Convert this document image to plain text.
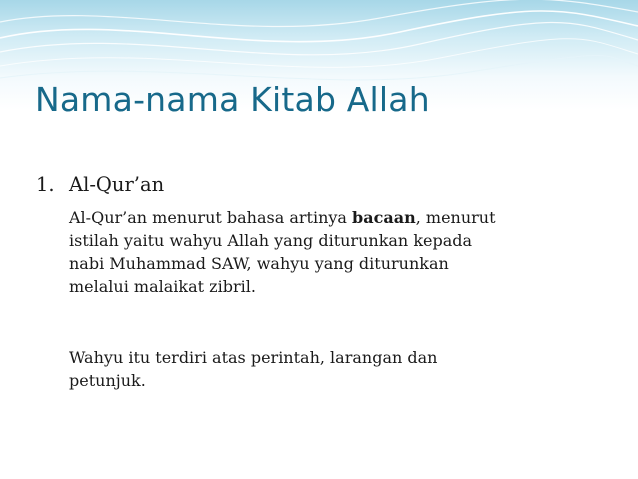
Nama-nama Kitab Allah
1. Al-Qur’an

Al-Qur’an menurut bahasa artinya bacaan, menurut
istilah yaitu wahyu Allah yang diturunkan kepada
nabi Muhammad SAW, wahyu yang diturunkan
melalui malaikat zibril.

Wahyu itu terdiri atas perintah, larangan dan
petunjuk.
